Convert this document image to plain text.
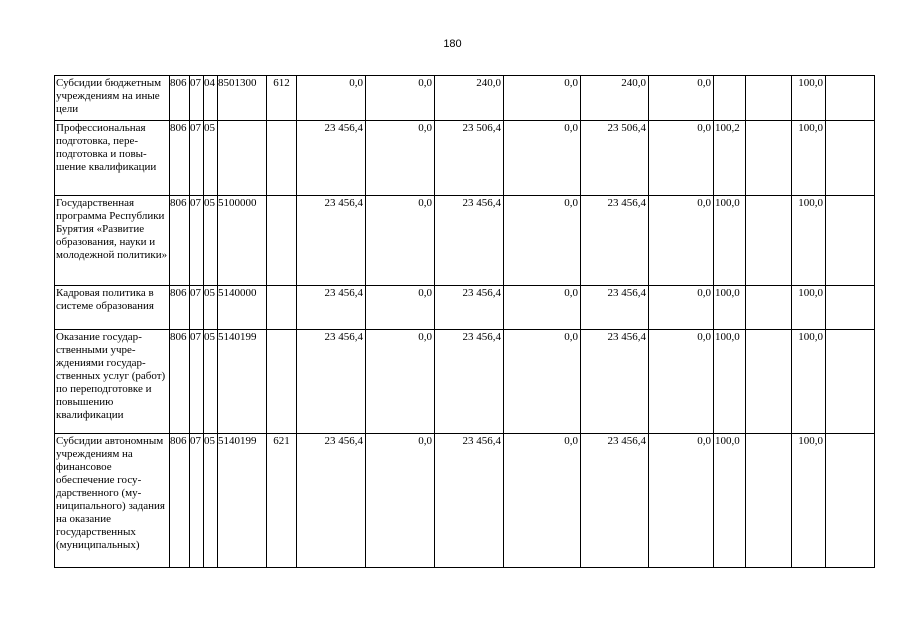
180
Субсидии бюджетным учреждениям на иные цели	806	07	04	8501300	612	0,0	0,0	240,0	0,0	240,0	0,0			100,0	
Профессиональная подготовка, переподготовка и повышение квалификации	806	07	05			23 456,4	0,0	23 506,4	0,0	23 506,4	0,0	100,2		100,0	
Государственная программа Республики Бурятия «Развитие образования, науки и молодежной политики»	806	07	05	5100000		23 456,4	0,0	23 456,4	0,0	23 456,4	0,0	100,0		100,0	
Кадровая политика в системе образования	806	07	05	5140000		23 456,4	0,0	23 456,4	0,0	23 456,4	0,0	100,0		100,0	
Оказание государственными учреждениями государственных услуг (работ) по переподготовке и повышению квалификации	806	07	05	5140199		23 456,4	0,0	23 456,4	0,0	23 456,4	0,0	100,0		100,0	
Субсидии автономным учреждениям на финансовое обеспечение государственного (муниципального) задания на оказание государственных (муниципальных)	806	07	05	5140199	621	23 456,4	0,0	23 456,4	0,0	23 456,4	0,0	100,0		100,0	
